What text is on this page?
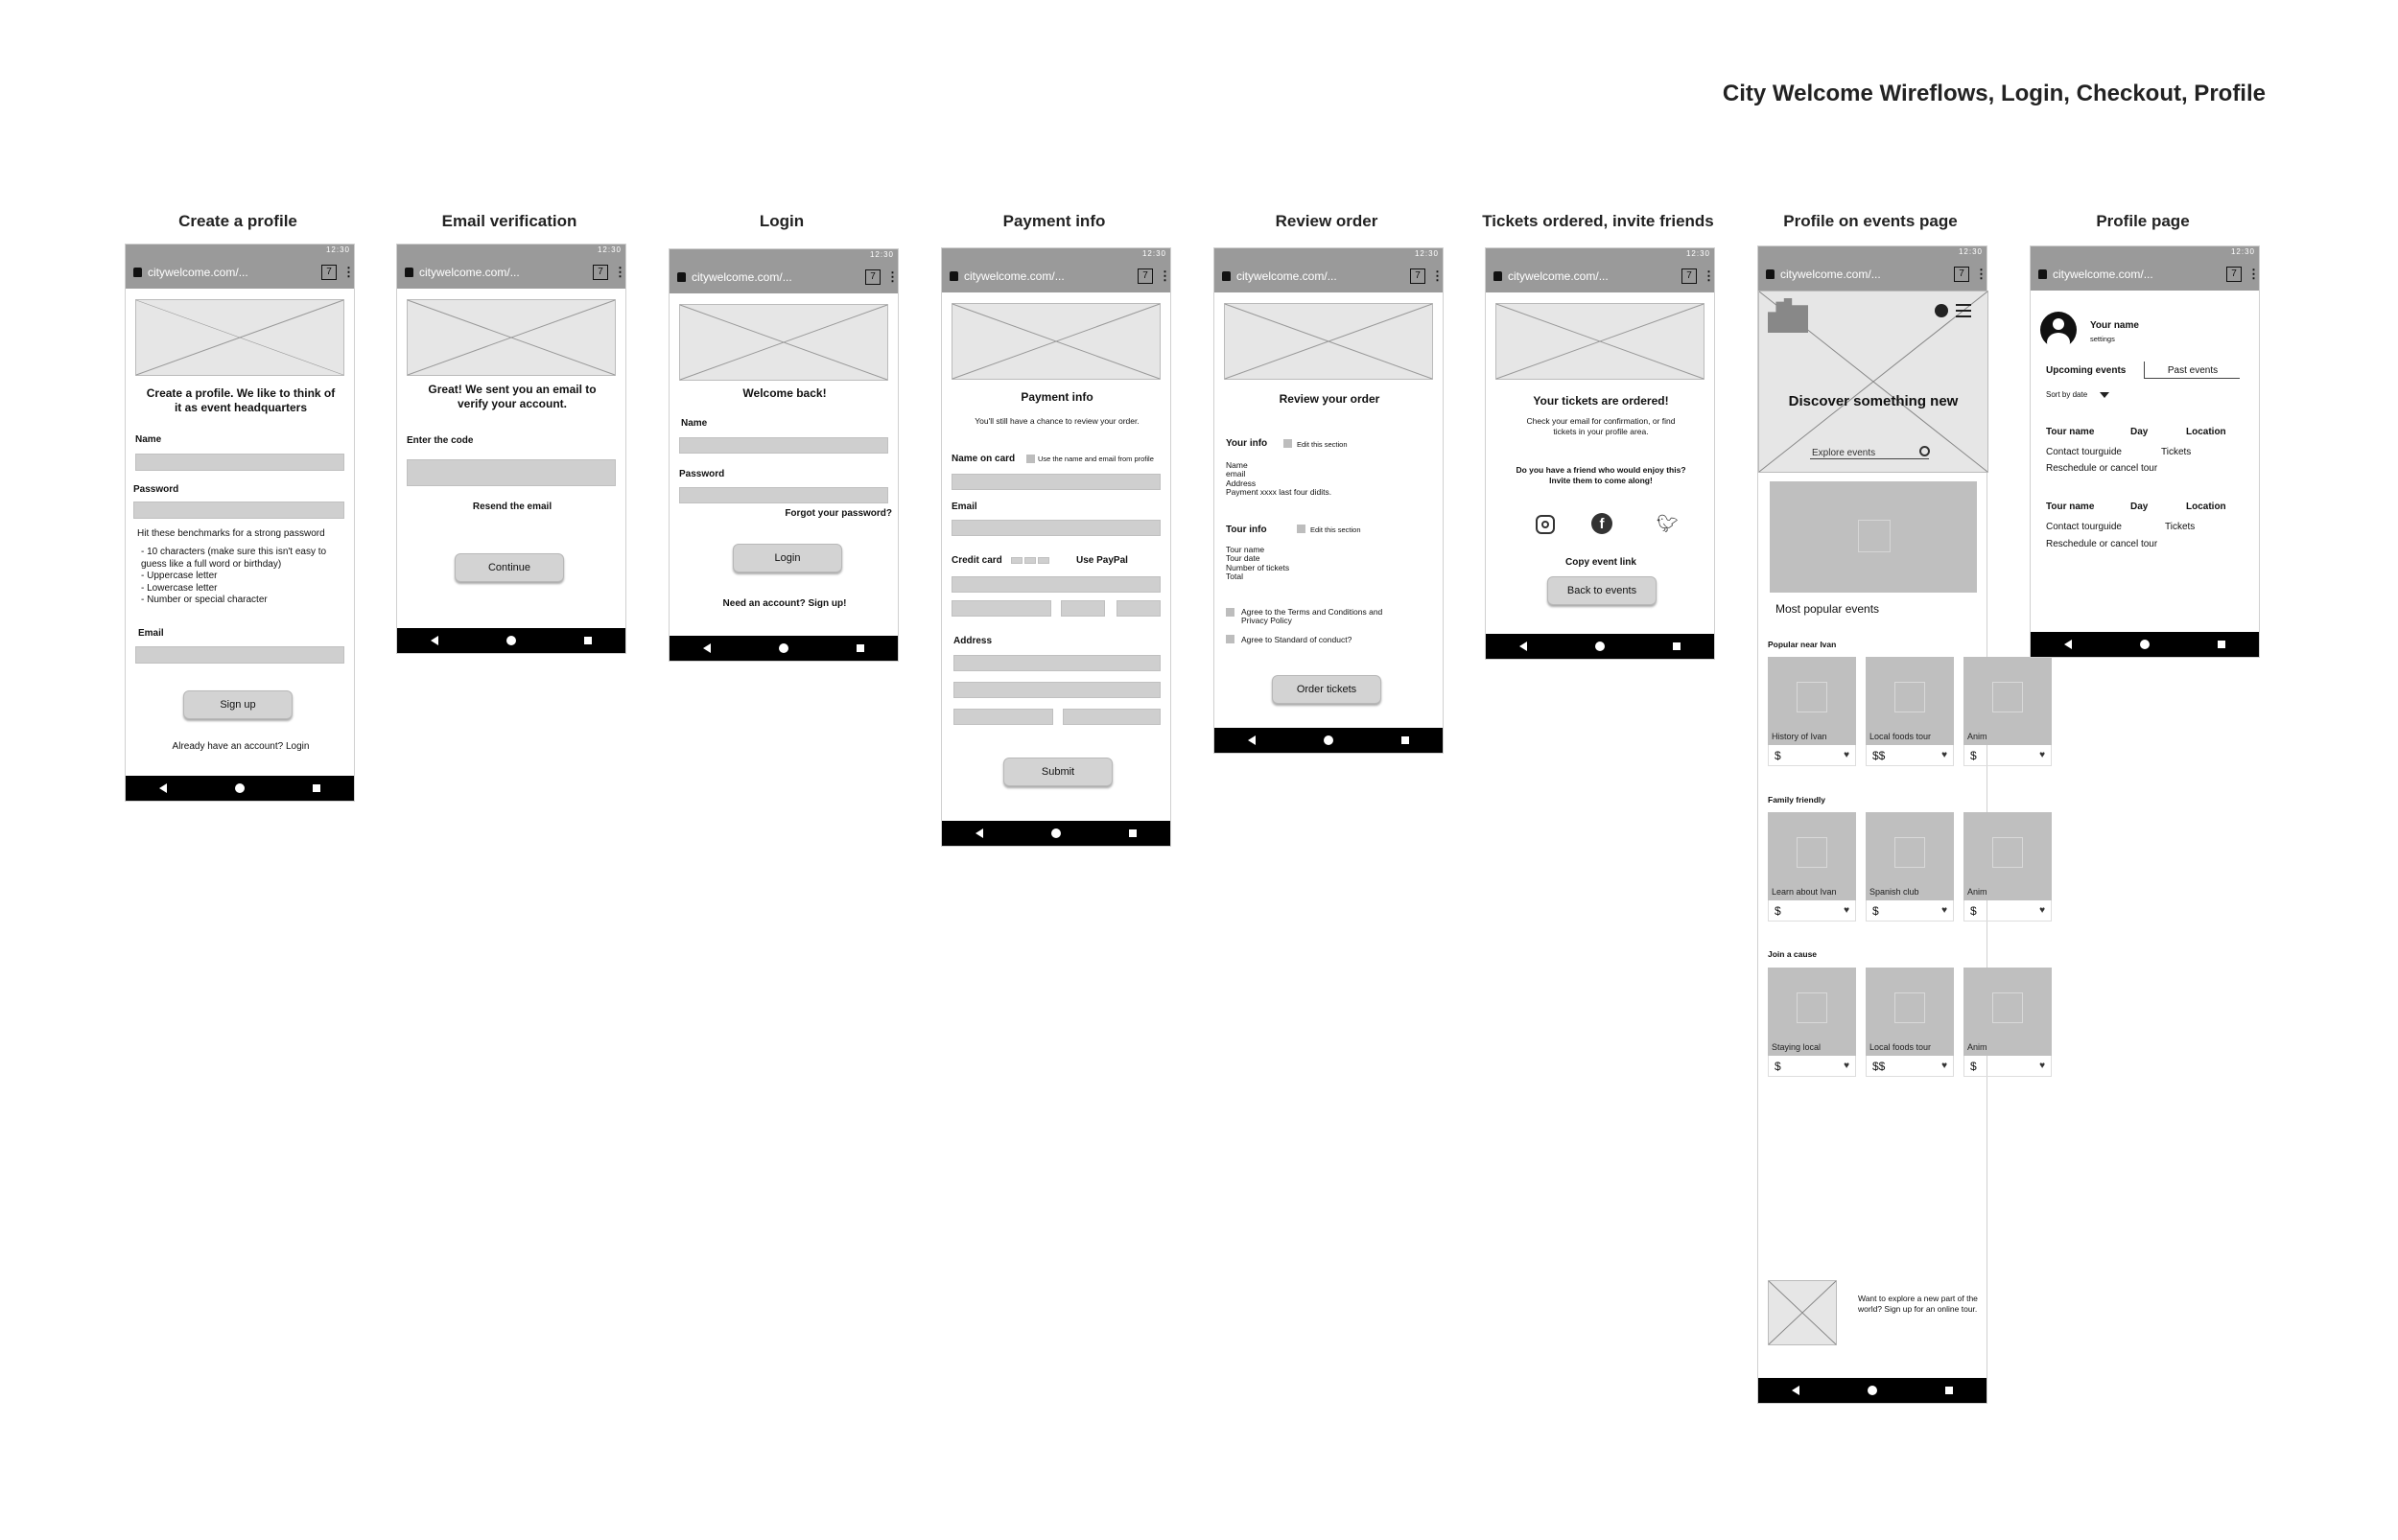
City Welcome Wireflows, Login, Checkout, Profile
Create a profile	Email verification	Login	Payment info	Review order	Tickets ordered, invite friends	Profile on events page	Profile page
12:30
citywelcome.com/...	7 ⋮
Create a profile. We like to think of it as event headquarters
Name
Password
Hit these benchmarks for a strong password
- 10 characters (make sure this isn't easy to guess like a full word or birthday)
- Uppercase letter
- Lowercase letter
- Number or special character
Email
Sign up
Already have an account? Login
12:30
citywelcome.com/...	7 ⋮
Great! We sent you an email to verify your account.
Enter the code
Resend the email
Continue
12:30
citywelcome.com/...	7 ⋮
Welcome back!
Name
Password
Forgot your password?
Login
Need an account? Sign up!
12:30
citywelcome.com/...	7 ⋮
Payment info
You'll still have a chance to review your order.
Name on card	Use the name and email from profile
Email
Credit card	Use PayPal
Address
Submit
12:30
citywelcome.com/...	7 ⋮
Review your order
Your info	Edit this section
Name
email
Address
Payment xxxx last four didits.
Tour info	Edit this section
Tour name
Tour date
Number of tickets
Total
Agree to the Terms and Conditions and Privacy Policy
Agree to Standard of conduct?
Order tickets
12:30
citywelcome.com/...	7 ⋮
Your tickets are ordered!
Check your email for confirmation, or find tickets in your profile area.
Do you have a friend who would enjoy this? Invite them to come along!
f	🐦︎
Copy event link
Back to events
12:30
citywelcome.com/...	7 ⋮
Discover something new
Explore events
Most popular events
Popular near Ivan
History of Ivan
$	♥
Local foods tour
$$	♥
Anim
$	♥
Family friendly
Learn about Ivan
$	♥
Spanish club
$	♥
Anim
$	♥
Join a cause
Staying local
$	♥
Local foods tour
$$	♥
Anim
$	♥
Want to explore a new part of the world? Sign up for an online tour.
12:30
citywelcome.com/...	7 ⋮
Your name
settings
Upcoming events	Past events
Sort by date
Tour name	Day	Location
Contact tourguide	Tickets
Reschedule or cancel tour
Tour name	Day	Location
Contact tourguide	Tickets
Reschedule or cancel tour
